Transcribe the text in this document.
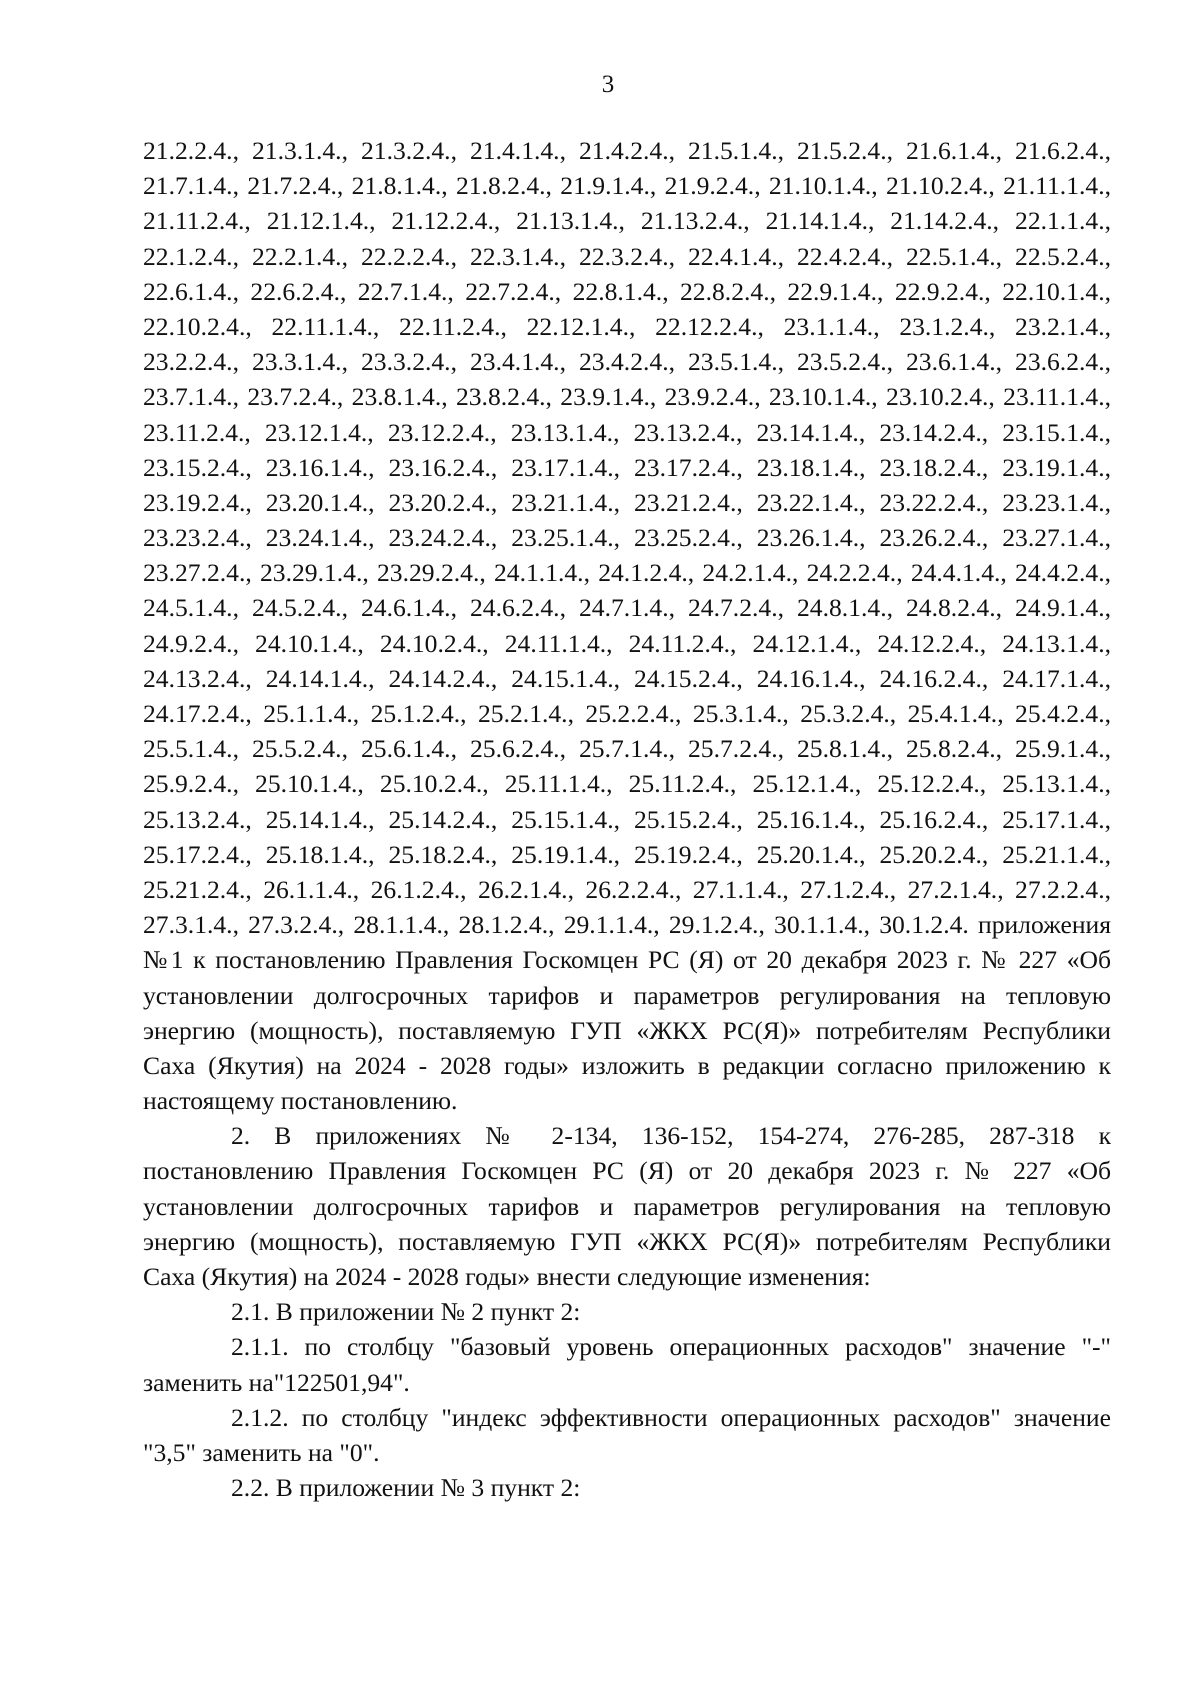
3
21.2.2.4., 21.3.1.4., 21.3.2.4., 21.4.1.4., 21.4.2.4., 21.5.1.4., 21.5.2.4., 21.6.1.4., 21.6.2.4.,
21.7.1.4., 21.7.2.4., 21.8.1.4., 21.8.2.4., 21.9.1.4., 21.9.2.4., 21.10.1.4., 21.10.2.4., 21.11.1.4.,
21.11.2.4., 21.12.1.4., 21.12.2.4., 21.13.1.4., 21.13.2.4., 21.14.1.4., 21.14.2.4., 22.1.1.4.,
22.1.2.4., 22.2.1.4., 22.2.2.4., 22.3.1.4., 22.3.2.4., 22.4.1.4., 22.4.2.4., 22.5.1.4., 22.5.2.4.,
22.6.1.4., 22.6.2.4., 22.7.1.4., 22.7.2.4., 22.8.1.4., 22.8.2.4., 22.9.1.4., 22.9.2.4., 22.10.1.4.,
22.10.2.4., 22.11.1.4., 22.11.2.4., 22.12.1.4., 22.12.2.4., 23.1.1.4., 23.1.2.4., 23.2.1.4.,
23.2.2.4., 23.3.1.4., 23.3.2.4., 23.4.1.4., 23.4.2.4., 23.5.1.4., 23.5.2.4., 23.6.1.4., 23.6.2.4.,
23.7.1.4., 23.7.2.4., 23.8.1.4., 23.8.2.4., 23.9.1.4., 23.9.2.4., 23.10.1.4., 23.10.2.4., 23.11.1.4.,
23.11.2.4., 23.12.1.4., 23.12.2.4., 23.13.1.4., 23.13.2.4., 23.14.1.4., 23.14.2.4., 23.15.1.4.,
23.15.2.4., 23.16.1.4., 23.16.2.4., 23.17.1.4., 23.17.2.4., 23.18.1.4., 23.18.2.4., 23.19.1.4.,
23.19.2.4., 23.20.1.4., 23.20.2.4., 23.21.1.4., 23.21.2.4., 23.22.1.4., 23.22.2.4., 23.23.1.4.,
23.23.2.4., 23.24.1.4., 23.24.2.4., 23.25.1.4., 23.25.2.4., 23.26.1.4., 23.26.2.4., 23.27.1.4.,
23.27.2.4., 23.29.1.4., 23.29.2.4., 24.1.1.4., 24.1.2.4., 24.2.1.4., 24.2.2.4., 24.4.1.4., 24.4.2.4.,
24.5.1.4., 24.5.2.4., 24.6.1.4., 24.6.2.4., 24.7.1.4., 24.7.2.4., 24.8.1.4., 24.8.2.4., 24.9.1.4.,
24.9.2.4., 24.10.1.4., 24.10.2.4., 24.11.1.4., 24.11.2.4., 24.12.1.4., 24.12.2.4., 24.13.1.4.,
24.13.2.4., 24.14.1.4., 24.14.2.4., 24.15.1.4., 24.15.2.4., 24.16.1.4., 24.16.2.4., 24.17.1.4.,
24.17.2.4., 25.1.1.4., 25.1.2.4., 25.2.1.4., 25.2.2.4., 25.3.1.4., 25.3.2.4., 25.4.1.4., 25.4.2.4.,
25.5.1.4., 25.5.2.4., 25.6.1.4., 25.6.2.4., 25.7.1.4., 25.7.2.4., 25.8.1.4., 25.8.2.4., 25.9.1.4.,
25.9.2.4., 25.10.1.4., 25.10.2.4., 25.11.1.4., 25.11.2.4., 25.12.1.4., 25.12.2.4., 25.13.1.4.,
25.13.2.4., 25.14.1.4., 25.14.2.4., 25.15.1.4., 25.15.2.4., 25.16.1.4., 25.16.2.4., 25.17.1.4.,
25.17.2.4., 25.18.1.4., 25.18.2.4., 25.19.1.4., 25.19.2.4., 25.20.1.4., 25.20.2.4., 25.21.1.4.,
25.21.2.4., 26.1.1.4., 26.1.2.4., 26.2.1.4., 26.2.2.4., 27.1.1.4., 27.1.2.4., 27.2.1.4., 27.2.2.4.,
27.3.1.4., 27.3.2.4., 28.1.1.4., 28.1.2.4., 29.1.1.4., 29.1.2.4., 30.1.1.4., 30.1.2.4. приложения
№1 к постановлению Правления Госкомцен РС (Я) от 20 декабря 2023 г. № 227 «Об
установлении долгосрочных тарифов и параметров регулирования на тепловую
энергию (мощность), поставляемую ГУП «ЖКХ РС(Я)» потребителям Республики
Саха (Якутия) на 2024 - 2028 годы» изложить в редакции согласно приложению к
настоящему постановлению.
2. В приложениях № 2-134, 136-152, 154-274, 276-285, 287-318 к
постановлению Правления Госкомцен РС (Я) от 20 декабря 2023 г. № 227 «Об
установлении долгосрочных тарифов и параметров регулирования на тепловую
энергию (мощность), поставляемую ГУП «ЖКХ РС(Я)» потребителям Республики
Саха (Якутия) на 2024 - 2028 годы» внести следующие изменения:
2.1. В приложении № 2 пункт 2:
2.1.1. по столбцу "базовый уровень операционных расходов" значение "-"
заменить на"122501,94".
2.1.2. по столбцу "индекс эффективности операционных расходов" значение
"3,5" заменить на "0".
2.2. В приложении № 3 пункт 2:
